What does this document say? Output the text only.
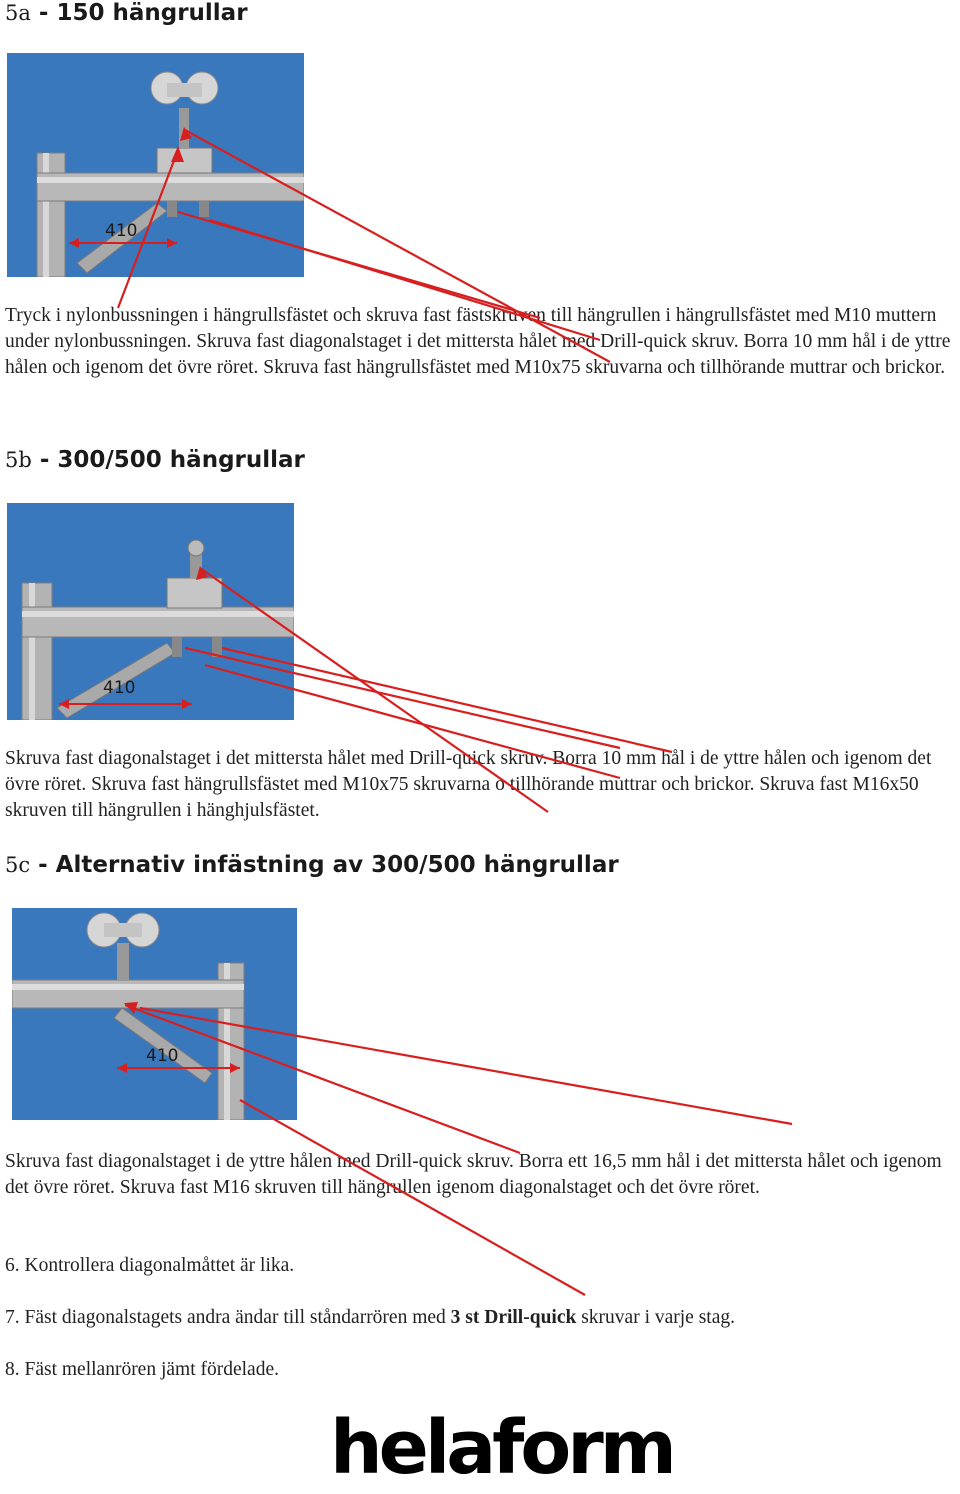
5a - 150 hängrullar
410

Tryck i nylonbussningen i hängrullsfästet och skruva fast fästskruven till hängrullen i hängrullsfästet med M10 muttern under nylonbussningen. Skruva fast diagonalstaget i det mittersta hålet med Drill-quick skruv. Borra 10 mm hål i de yttre hålen och igenom det övre röret. Skruva fast hängrullsfästet med M10x75 skruvarna och tillhörande muttrar och brickor.

5b - 300/500 hängrullar
410

Skruva fast diagonalstaget i det mittersta hålet med Drill-quick skruv. Borra 10 mm hål i de yttre hålen och igenom det övre röret. Skruva fast hängrullsfästet med M10x75 skruvarna o tillhörande muttrar och brickor. Skruva fast M16x50 skruven till hängrullen i hänghjulsfästet.

5c - Alternativ infästning av 300/500 hängrullar
410

Skruva fast diagonalstaget i de yttre hålen med Drill-quick skruv. Borra ett 16,5 mm hål i det mittersta hålet och igenom det övre röret. Skruva fast M16 skruven till hängrullen igenom diagonalstaget och det övre röret.

6. Kontrollera diagonalmåttet är lika.

7. Fäst diagonalstagets andra ändar till ståndarrören med 3 st Drill-quick skruvar i varje stag.

8. Fäst mellanrören jämt fördelade.

helaform
